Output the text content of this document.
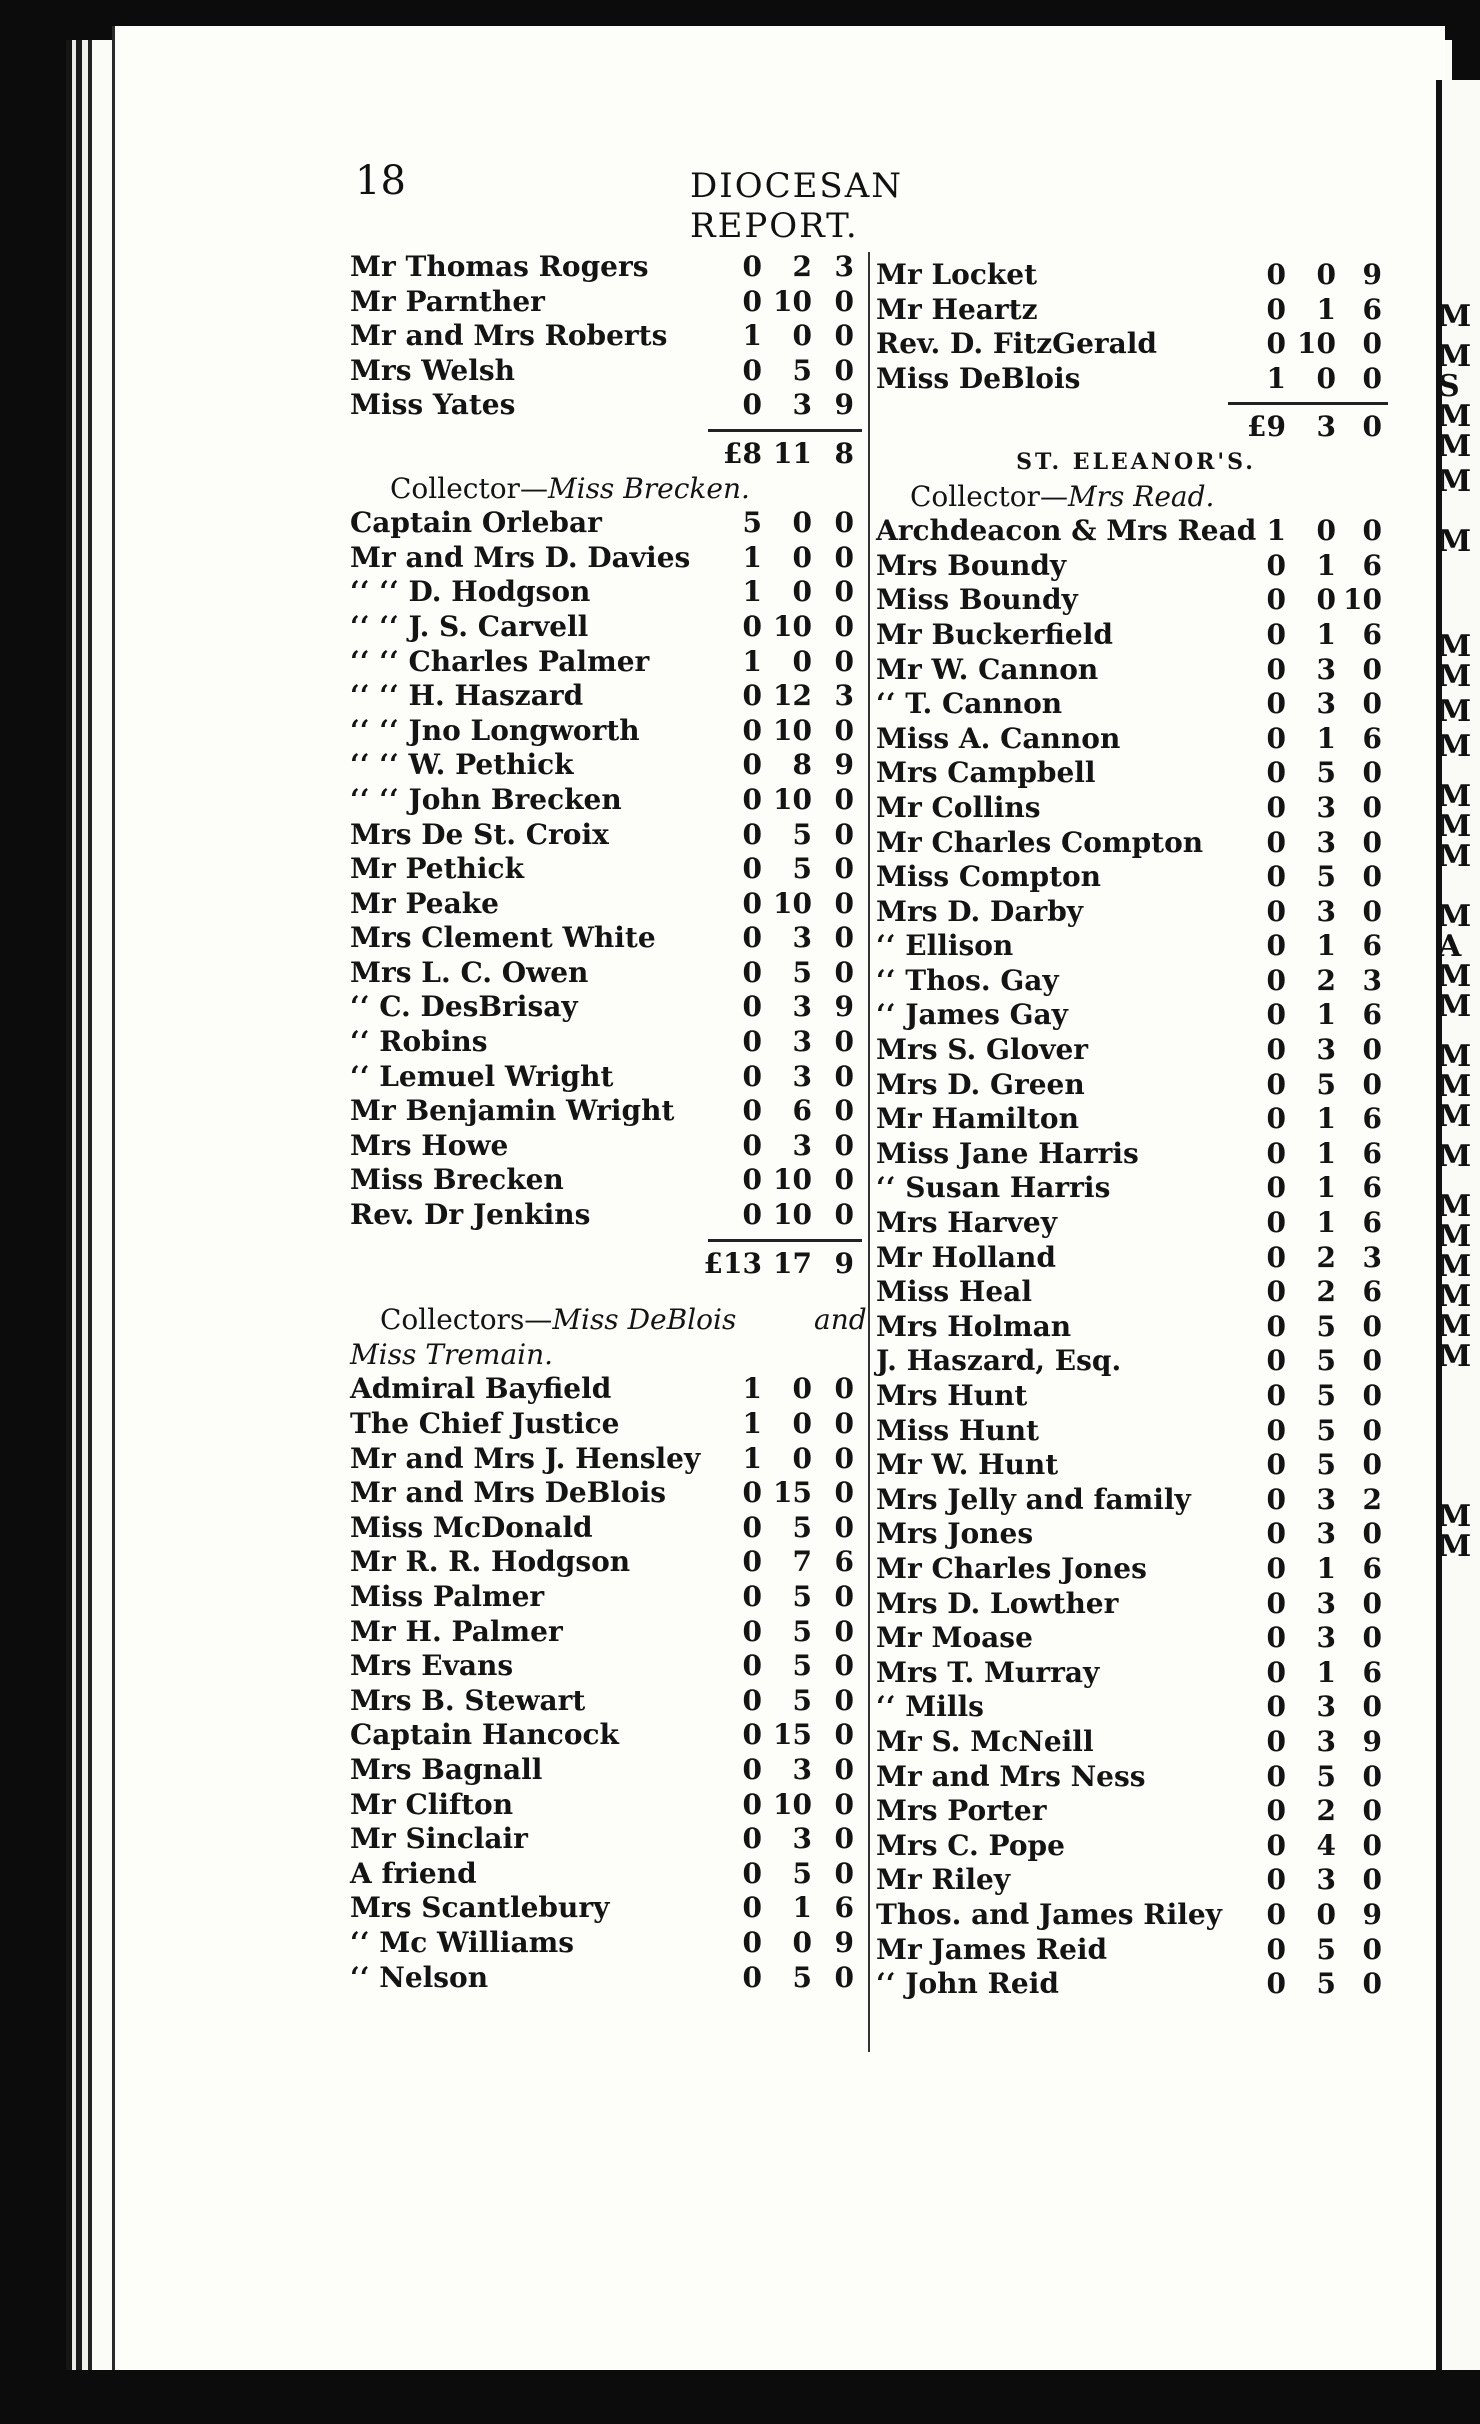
M
M
S
M
M
M
M
M
M
M
M
M
M
M
M
A
M
M
M
M
M
M
M
M
M
M
M
M
M
M
18	DIOCESAN REPORT.
Mr Thomas Rogers	0	2 3
Mr Parnther	0 10 0
Mr and Mrs Roberts	1	0 0
Mrs Welsh	0	5 0
Miss Yates	0	3 9
£8 11 8
Collector—Miss Brecken.
Captain Orlebar	5	0 0
Mr and Mrs D. Davies 1	0 0
‘‘ ‘‘ D. Hodgson	1	0 0
‘‘ ‘‘ J. S. Carvell	0 10 0
‘‘ ‘‘ Charles Palmer	1	0 0
‘‘ ‘‘ H. Haszard	0 12 3
‘‘ ‘‘ Jno Longworth	0 10 0
‘‘ ‘‘ W. Pethick	0	8 9
‘‘ ‘‘ John Brecken	0 10 0
Mrs De St. Croix	0	5 0
Mr Pethick	0	5 0
Mr Peake	0 10 0
Mrs Clement White	0	3 0
Mrs L. C. Owen	0	5 0
‘‘ C. DesBrisay	0	3 9
‘‘ Robins	0	3 0
‘‘ Lemuel Wright	0	3 0
Mr Benjamin Wright 0	6 0
Mrs Howe	0	3 0
Miss Brecken	0 10 0
Rev. Dr Jenkins	0 10 0
£13 17 9
Collectors—Miss DeBlois	and
Miss Tremain.
Admiral Bayfield	1	0 0
The Chief Justice	1	0 0
Mr and Mrs J. Hensley 1	0 0
Mr and Mrs DeBlois	0 15 0
Miss McDonald	0	5 0
Mr R. R. Hodgson	0	7 6
Miss Palmer	0	5 0
Mr H. Palmer	0	5 0
Mrs Evans	0	5 0
Mrs B. Stewart	0	5 0
Captain Hancock	0 15 0
Mrs Bagnall	0	3 0
Mr Clifton	0 10 0
Mr Sinclair	0	3 0
A friend	0	5 0
Mrs Scantlebury	0	1 6
‘‘ Mc Williams	0	0 9
‘‘ Nelson	0	5 0
Mr Locket	0	0 9
Mr Heartz	0	1 6
Rev. D. FitzGerald	0 10 0
Miss DeBlois	1	0 0
£9	3 0
ST. ELEANOR'S.
Collector—Mrs Read.
Archdeacon & Mrs Read 1	0 0
Mrs Boundy	0	1 6
Miss Boundy	0	0 10
Mr Buckerfield	0	1 6
Mr W. Cannon	0	3 0
‘‘ T. Cannon	0	3 0
Miss A. Cannon	0	1 6
Mrs Campbell	0	5 0
Mr Collins	0	3 0
Mr Charles Compton 0	3 0
Miss Compton	0	5 0
Mrs D. Darby	0	3 0
‘‘ Ellison	0	1 6
‘‘ Thos. Gay	0	2 3
‘‘ James Gay	0	1 6
Mrs S. Glover	0	3 0
Mrs D. Green	0	5 0
Mr Hamilton	0	1 6
Miss Jane Harris	0	1 6
‘‘ Susan Harris	0	1 6
Mrs Harvey	0	1 6
Mr Holland	0	2 3
Miss Heal	0	2 6
Mrs Holman	0	5 0
J. Haszard, Esq.	0	5 0
Mrs Hunt	0	5 0
Miss Hunt	0	5 0
Mr W. Hunt	0	5 0
Mrs Jelly and family	0	3 2
Mrs Jones	0	3 0
Mr Charles Jones	0	1 6
Mrs D. Lowther	0	3 0
Mr Moase	0	3 0
Mrs T. Murray	0	1 6
‘‘ Mills	0	3 0
Mr S. McNeill	0	3 9
Mr and Mrs Ness	0	5 0
Mrs Porter	0	2 0
Mrs C. Pope	0	4 0
Mr Riley	0	3 0
Thos. and James Riley 0	0 9
Mr James Reid	0	5 0
‘‘ John Reid	0	5 0
